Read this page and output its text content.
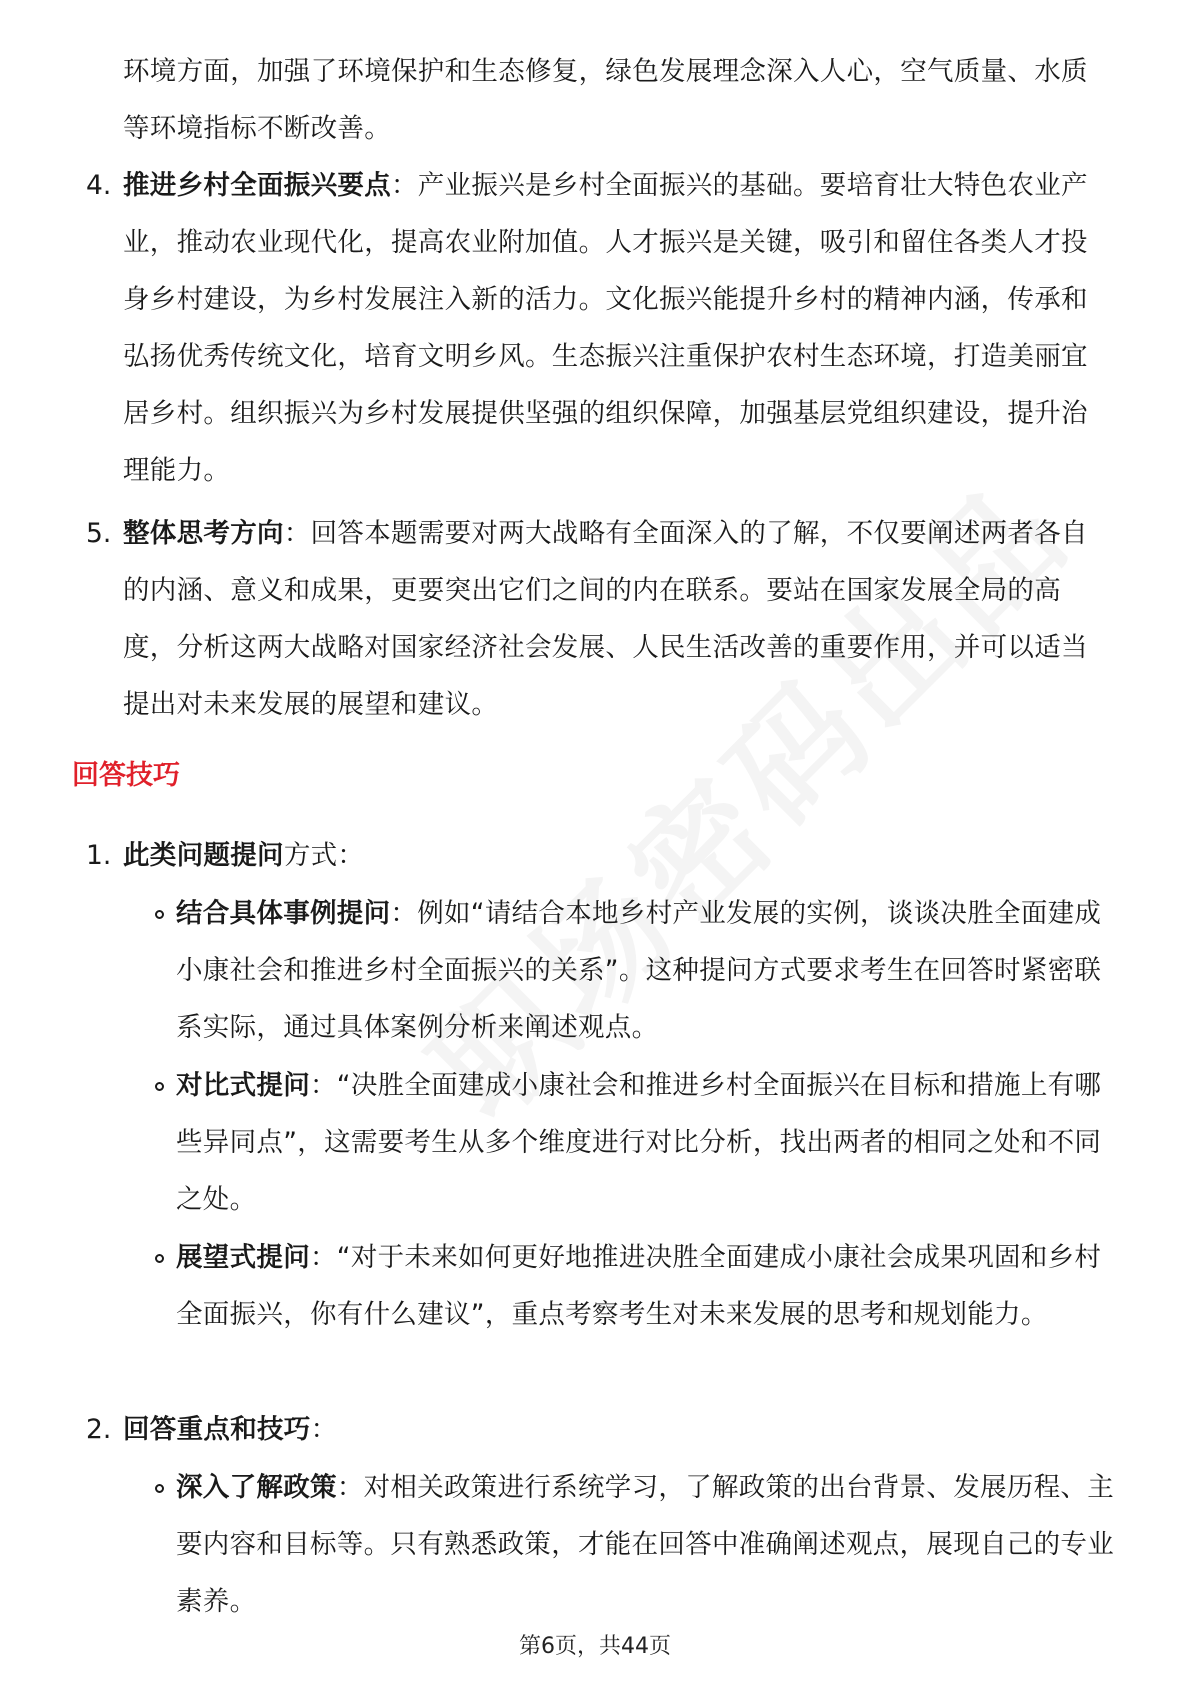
环境方面，加强了环境保护和生态修复，绿色发展理念深入人心，空气质量、水质等环境指标不断改善。
4. 推进乡村全面振兴要点：产业振兴是乡村全面振兴的基础。要培育壮大特色农业产业，推动农业现代化，提高农业附加值。人才振兴是关键，吸引和留住各类人才投身乡村建设，为乡村发展注入新的活力。文化振兴能提升乡村的精神内涵，传承和弘扬优秀传统文化，培育文明乡风。生态振兴注重保护农村生态环境，打造美丽宜居乡村。组织振兴为乡村发展提供坚强的组织保障，加强基层党组织建设，提升治理能力。
5. 整体思考方向：回答本题需要对两大战略有全面深入的了解，不仅要阐述两者各自的内涵、意义和成果，更要突出它们之间的内在联系。要站在国家发展全局的高度，分析这两大战略对国家经济社会发展、人民生活改善的重要作用，并可以适当提出对未来发展的展望和建议。
回答技巧
1. 此类问题提问方式：
结合具体事例提问：例如“请结合本地乡村产业发展的实例，谈谈决胜全面建成小康社会和推进乡村全面振兴的关系”。这种提问方式要求考生在回答时紧密联系实际，通过具体案例分析来阐述观点。
对比式提问：“决胜全面建成小康社会和推进乡村全面振兴在目标和措施上有哪些异同点”，这需要考生从多个维度进行对比分析，找出两者的相同之处和不同之处。
展望式提问：“对于未来如何更好地推进决胜全面建成小康社会成果巩固和乡村全面振兴，你有什么建议”，重点考察考生对未来发展的思考和规划能力。
2. 回答重点和技巧：
深入了解政策：对相关政策进行系统学习，了解政策的出台背景、发展历程、主要内容和目标等。只有熟悉政策，才能在回答中准确阐述观点，展现自己的专业素养。
第6页，共44页
